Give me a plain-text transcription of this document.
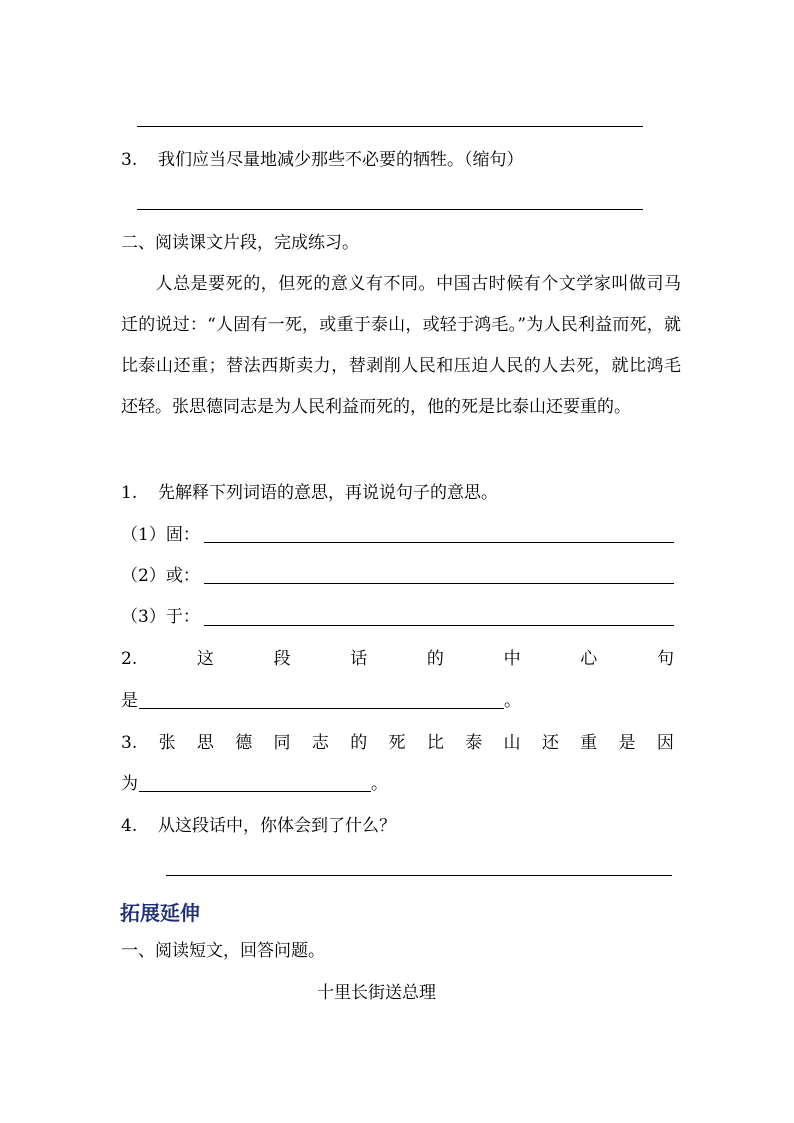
3. 我们应当尽量地减少那些不必要的牺牲。（缩句）
二、阅读课文片段，完成练习。
人总是要死的，但死的意义有不同。中国古时候有个文学家叫做司马迁的说过：“人固有一死，或重于泰山，或轻于鸿毛。”为人民利益而死，就比泰山还重；替法西斯卖力，替剥削人民和压迫人民的人去死，就比鸿毛还轻。张思德同志是为人民利益而死的，他的死是比泰山还要重的。
1. 先解释下列词语的意思，再说说句子的意思。
（1）固：
（2）或：
（3）于：
2.	这	段	话	的	中	心	句
是	。
3. 张 思 德 同 志 的 死 比 泰 山 还 重 是 因
为	。
4. 从这段话中，你体会到了什么？
拓展延伸
一、阅读短文，回答问题。
十里长街送总理
